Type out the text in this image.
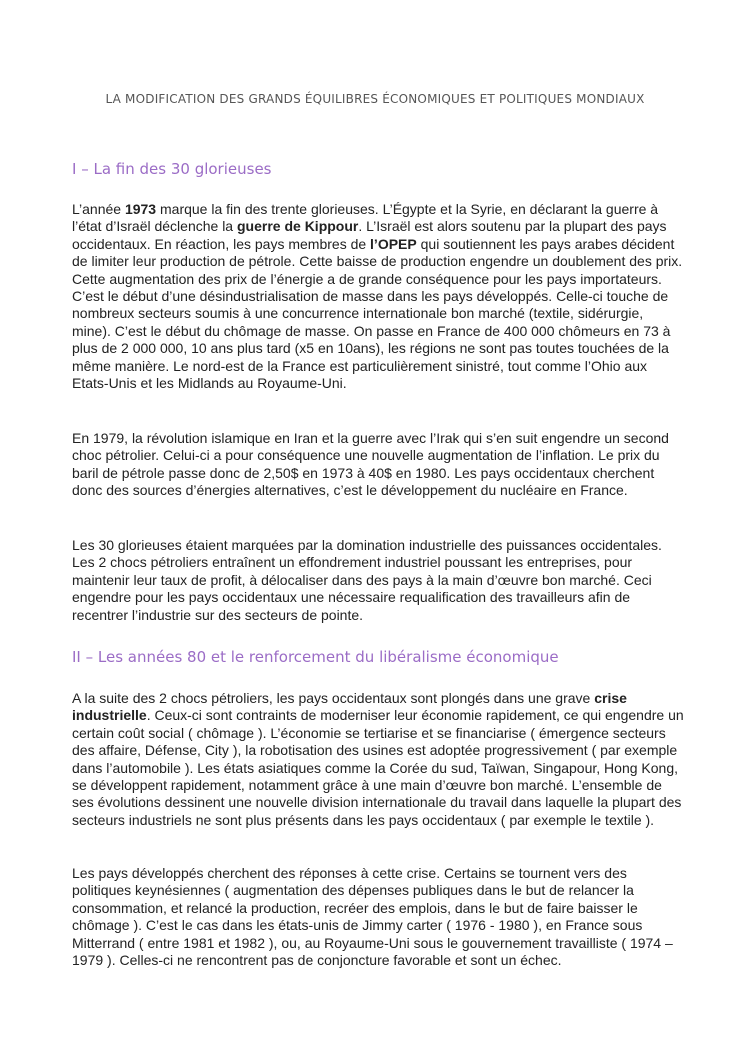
LA MODIFICATION DES GRANDS ÉQUILIBRES ÉCONOMIQUES ET POLITIQUES MONDIAUX
I – La fin des 30 glorieuses

L’année 1973 marque la fin des trente glorieuses. L’Égypte et la Syrie, en déclarant la guerre à l’état d’Israël déclenche la guerre de Kippour. L’Israël est alors soutenu par la plupart des pays occidentaux. En réaction, les pays membres de l’OPEP qui soutiennent les pays arabes décident de limiter leur production de pétrole. Cette baisse de production engendre un doublement des prix. Cette augmentation des prix de l’énergie a de grande conséquence pour les pays importateurs. C’est le début d’une désindustrialisation de masse dans les pays développés. Celle-ci touche de nombreux secteurs soumis à une concurrence internationale bon marché (textile, sidérurgie, mine). C’est le début du chômage de masse. On passe en France de 400 000 chômeurs en 73 à plus de 2 000 000, 10 ans plus tard (x5 en 10ans), les régions ne sont pas toutes touchées de la même manière. Le nord-est de la France est particulièrement sinistré, tout comme l’Ohio aux Etats-Unis et les Midlands au Royaume-Uni.

En 1979, la révolution islamique en Iran et la guerre avec l’Irak qui s’en suit engendre un second choc pétrolier. Celui-ci a pour conséquence une nouvelle augmentation de l’inflation. Le prix du baril de pétrole passe donc de 2,50$ en 1973 à 40$ en 1980. Les pays occidentaux cherchent donc des sources d’énergies alternatives, c’est le développement du nucléaire en France.

Les 30 glorieuses étaient marquées par la domination industrielle des puissances occidentales. Les 2 chocs pétroliers entraînent un effondrement industriel poussant les entreprises, pour maintenir leur taux de profit, à délocaliser dans des pays à la main d’œuvre bon marché. Ceci engendre pour les pays occidentaux une nécessaire requalification des travailleurs afin de recentrer l’industrie sur des secteurs de pointe.

II – Les années 80 et le renforcement du libéralisme économique

A la suite des 2 chocs pétroliers, les pays occidentaux sont plongés dans une grave crise industrielle. Ceux-ci sont contraints de moderniser leur économie rapidement, ce qui engendre un certain coût social ( chômage ). L’économie se tertiarise et se financiarise ( émergence secteurs des affaire, Défense, City ), la robotisation des usines est adoptée progressivement ( par exemple dans l’automobile ). Les états asiatiques comme la Corée du sud, Taïwan, Singapour, Hong Kong, se développent rapidement, notamment grâce à une main d’œuvre bon marché. L’ensemble de ses évolutions dessinent une nouvelle division internationale du travail dans laquelle la plupart des secteurs industriels ne sont plus présents dans les pays occidentaux ( par exemple le textile ).

Les pays développés cherchent des réponses à cette crise. Certains se tournent vers des politiques keynésiennes ( augmentation des dépenses publiques dans le but de relancer la consommation, et relancé la production, recréer des emplois, dans le but de faire baisser le chômage ). C’est le cas dans les états-unis de Jimmy carter ( 1976 - 1980 ), en France sous Mitterrand ( entre 1981 et 1982 ), ou, au Royaume-Uni sous le gouvernement travailliste ( 1974 – 1979 ). Celles-ci ne rencontrent pas de conjoncture favorable et sont un échec.
